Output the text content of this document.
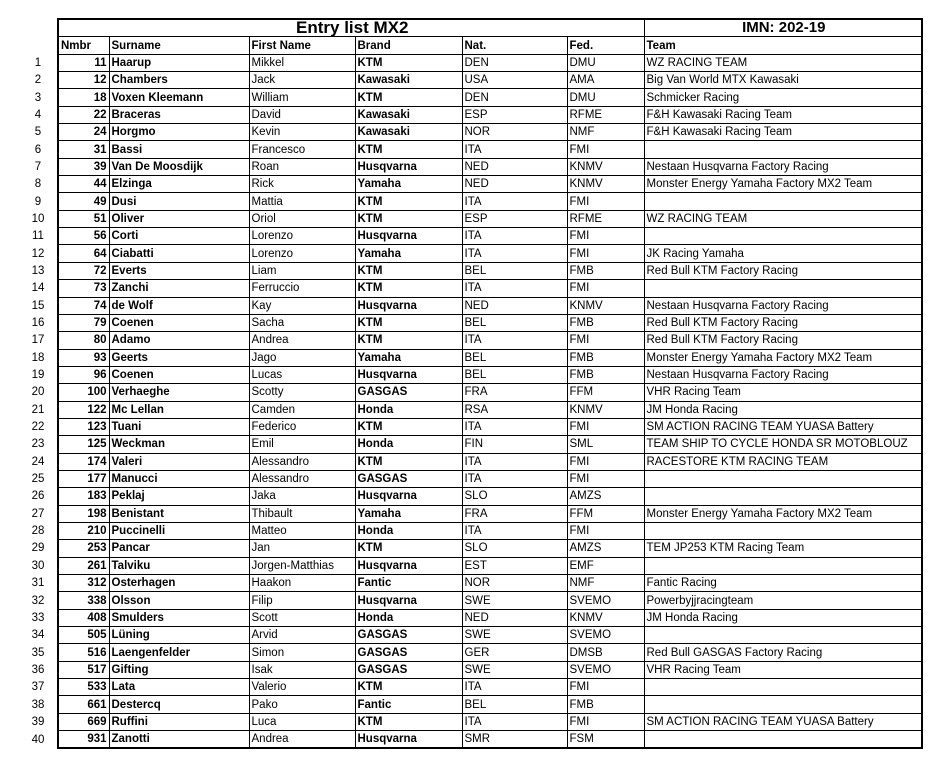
	Entry list MX2						IMN: 202-19
	Nmbr	Surname	First Name	Brand	Nat.	Fed.	Team
1	11	Haarup	Mikkel	KTM	DEN	DMU	WZ RACING TEAM
2	12	Chambers	Jack	Kawasaki	USA	AMA	Big Van World MTX Kawasaki
3	18	Voxen Kleemann	William	KTM	DEN	DMU	Schmicker Racing
4	22	Braceras	David	Kawasaki	ESP	RFME	F&H Kawasaki Racing Team
5	24	Horgmo	Kevin	Kawasaki	NOR	NMF	F&H Kawasaki Racing Team
6	31	Bassi	Francesco	KTM	ITA	FMI	
7	39	Van De Moosdijk	Roan	Husqvarna	NED	KNMV	Nestaan Husqvarna Factory Racing
8	44	Elzinga	Rick	Yamaha	NED	KNMV	Monster Energy Yamaha Factory MX2 Team
9	49	Dusi	Mattia	KTM	ITA	FMI	
10	51	Oliver	Oriol	KTM	ESP	RFME	WZ RACING TEAM
11	56	Corti	Lorenzo	Husqvarna	ITA	FMI	
12	64	Ciabatti	Lorenzo	Yamaha	ITA	FMI	JK Racing Yamaha
13	72	Everts	Liam	KTM	BEL	FMB	Red Bull KTM Factory Racing
14	73	Zanchi	Ferruccio	KTM	ITA	FMI	
15	74	de Wolf	Kay	Husqvarna	NED	KNMV	Nestaan Husqvarna Factory Racing
16	79	Coenen	Sacha	KTM	BEL	FMB	Red Bull KTM Factory Racing
17	80	Adamo	Andrea	KTM	ITA	FMI	Red Bull KTM Factory Racing
18	93	Geerts	Jago	Yamaha	BEL	FMB	Monster Energy Yamaha Factory MX2 Team
19	96	Coenen	Lucas	Husqvarna	BEL	FMB	Nestaan Husqvarna Factory Racing
20	100	Verhaeghe	Scotty	GASGAS	FRA	FFM	VHR Racing Team
21	122	Mc Lellan	Camden	Honda	RSA	KNMV	JM Honda Racing
22	123	Tuani	Federico	KTM	ITA	FMI	SM ACTION RACING TEAM YUASA Battery
23	125	Weckman	Emil	Honda	FIN	SML	TEAM SHIP TO CYCLE HONDA SR MOTOBLOUZ
24	174	Valeri	Alessandro	KTM	ITA	FMI	RACESTORE KTM RACING TEAM
25	177	Manucci	Alessandro	GASGAS	ITA	FMI	
26	183	Peklaj	Jaka	Husqvarna	SLO	AMZS	
27	198	Benistant	Thibault	Yamaha	FRA	FFM	Monster Energy Yamaha Factory MX2 Team
28	210	Puccinelli	Matteo	Honda	ITA	FMI	
29	253	Pancar	Jan	KTM	SLO	AMZS	TEM JP253 KTM Racing Team
30	261	Talviku	Jorgen-Matthias	Husqvarna	EST	EMF	
31	312	Osterhagen	Haakon	Fantic	NOR	NMF	Fantic Racing
32	338	Olsson	Filip	Husqvarna	SWE	SVEMO	Powerbyjjracingteam
33	408	Smulders	Scott	Honda	NED	KNMV	JM Honda Racing
34	505	Lüning	Arvid	GASGAS	SWE	SVEMO	
35	516	Laengenfelder	Simon	GASGAS	GER	DMSB	Red Bull GASGAS Factory Racing
36	517	Gifting	Isak	GASGAS	SWE	SVEMO	VHR Racing Team
37	533	Lata	Valerio	KTM	ITA	FMI	
38	661	Destercq	Pako	Fantic	BEL	FMB	
39	669	Ruffini	Luca	KTM	ITA	FMI	SM ACTION RACING TEAM YUASA Battery
40	931	Zanotti	Andrea	Husqvarna	SMR	FSM	
